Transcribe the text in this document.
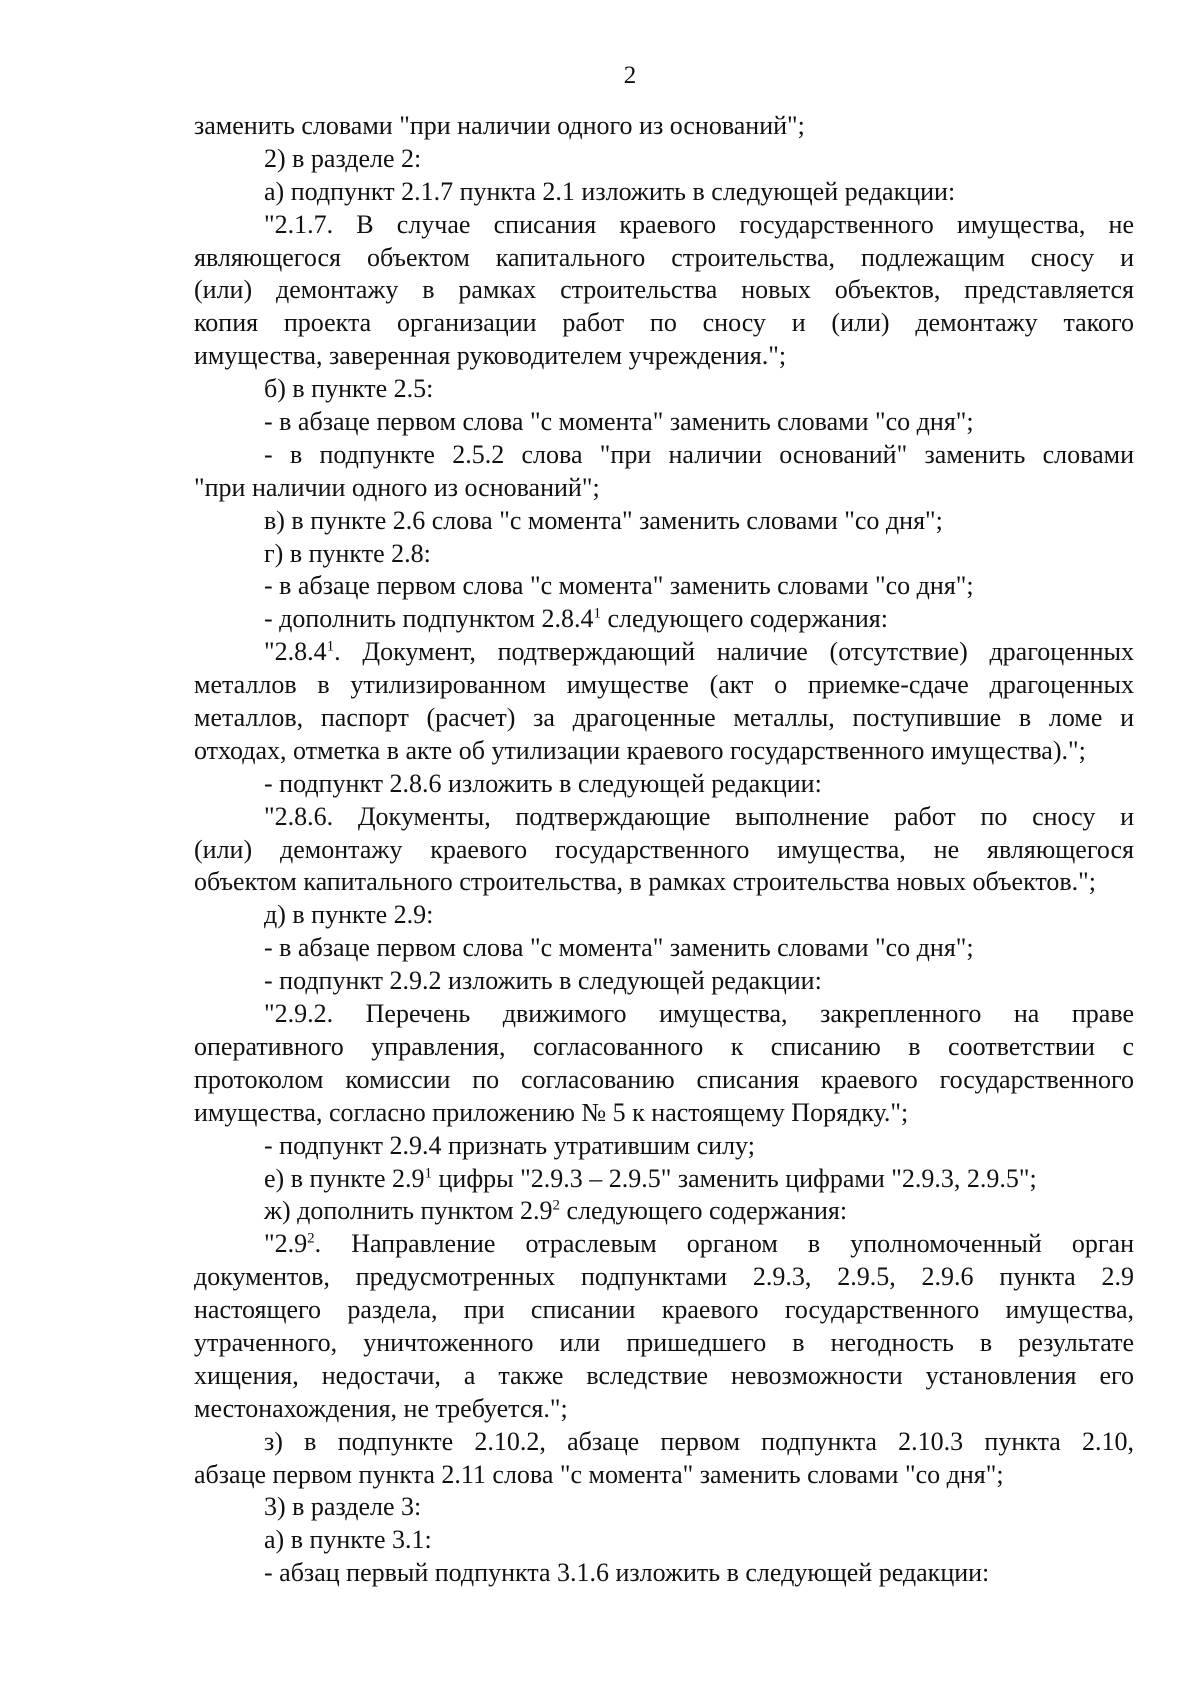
2
заменить словами "при наличии одного из оснований";
2) в разделе 2:
а) подпункт 2.1.7 пункта 2.1 изложить в следующей редакции:
"2.1.7. В случае списания краевого государственного имущества, не
являющегося объектом капитального строительства, подлежащим сносу и
(или) демонтажу в рамках строительства новых объектов, представляется
копия проекта организации работ по сносу и (или) демонтажу такого
имущества, заверенная руководителем учреждения.";
б) в пункте 2.5:
- в абзаце первом слова "с момента" заменить словами "со дня";
- в подпункте 2.5.2 слова "при наличии оснований" заменить словами
"при наличии одного из оснований";
в) в пункте 2.6 слова "с момента" заменить словами "со дня";
г) в пункте 2.8:
- в абзаце первом слова "с момента" заменить словами "со дня";
- дополнить подпунктом 2.8.4$^1$ следующего содержания:
"2.8.4$^1$. Документ, подтверждающий наличие (отсутствие) драгоценных
металлов в утилизированном имуществе (акт о приемке-сдаче драгоценных
металлов, паспорт (расчет) за драгоценные металлы, поступившие в ломе и
отходах, отметка в акте об утилизации краевого государственного имущества).";
- подпункт 2.8.6 изложить в следующей редакции:
"2.8.6. Документы, подтверждающие выполнение работ по сносу и
(или) демонтажу краевого государственного имущества, не являющегося
объектом капитального строительства, в рамках строительства новых объектов.";
д) в пункте 2.9:
- в абзаце первом слова "с момента" заменить словами "со дня";
- подпункт 2.9.2 изложить в следующей редакции:
"2.9.2. Перечень движимого имущества, закрепленного на праве
оперативного управления, согласованного к списанию в соответствии с
протоколом комиссии по согласованию списания краевого государственного
имущества, согласно приложению № 5 к настоящему Порядку.";
- подпункт 2.9.4 признать утратившим силу;
е) в пункте $2.9^1$ цифры "2.9.3 – 2.9.5" заменить цифрами "2.9.3, 2.9.5";
ж) дополнить пунктом $2.9^2$ следующего содержания:
"$2.9^2$. Направление отраслевым органом в уполномоченный орган
документов, предусмотренных подпунктами 2.9.3, 2.9.5, 2.9.6 пункта 2.9
настоящего раздела, при списании краевого государственного имущества,
утраченного, уничтоженного или пришедшего в негодность в результате
хищения, недостачи, а также вследствие невозможности установления его
местонахождения, не требуется.";
з) в подпункте 2.10.2, абзаце первом подпункта 2.10.3 пункта 2.10,
абзаце первом пункта 2.11 слова "с момента" заменить словами "со дня";
3) в разделе 3:
а) в пункте 3.1:
- абзац первый подпункта 3.1.6 изложить в следующей редакции:
